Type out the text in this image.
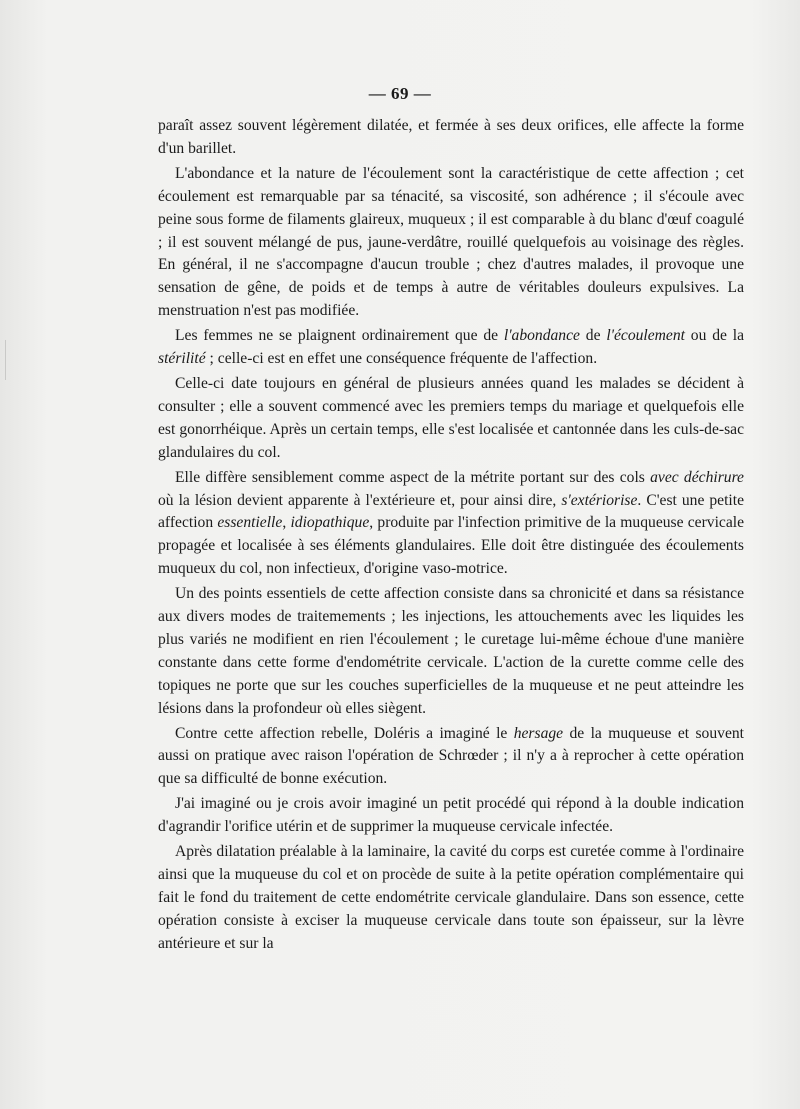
— 69 —

paraît assez souvent légèrement dilatée, et fermée à ses deux orifices, elle affecte la forme d'un barillet.

L'abondance et la nature de l'écoulement sont la caractéristique de cette affection ; cet écoulement est remarquable par sa ténacité, sa viscosité, son adhérence ; il s'écoule avec peine sous forme de filaments glaireux, muqueux ; il est comparable à du blanc d'œuf coagulé ; il est souvent mélangé de pus, jaune-verdâtre, rouillé quelquefois au voisinage des règles. En général, il ne s'accompagne d'aucun trouble ; chez d'autres malades, il provoque une sensation de gêne, de poids et de temps à autre de véritables douleurs expulsives. La menstruation n'est pas modifiée.

Les femmes ne se plaignent ordinairement que de l'abondance de l'écoulement ou de la stérilité ; celle-ci est en effet une conséquence fréquente de l'affection.

Celle-ci date toujours en général de plusieurs années quand les malades se décident à consulter ; elle a souvent commencé avec les premiers temps du mariage et quelquefois elle est gonorrhéique. Après un certain temps, elle s'est localisée et cantonnée dans les culs-de-sac glandulaires du col.

Elle diffère sensiblement comme aspect de la métrite portant sur des cols avec déchirure où la lésion devient apparente à l'extérieure et, pour ainsi dire, s'extériorise. C'est une petite affection essentielle, idiopathique, produite par l'infection primitive de la muqueuse cervicale propagée et localisée à ses éléments glandulaires. Elle doit être distinguée des écoulements muqueux du col, non infectieux, d'origine vaso-motrice.

Un des points essentiels de cette affection consiste dans sa chronicité et dans sa résistance aux divers modes de traitemements ; les injections, les attouchements avec les liquides les plus variés ne modifient en rien l'écoulement ; le curetage lui-même échoue d'une manière constante dans cette forme d'endométrite cervicale. L'action de la curette comme celle des topiques ne porte que sur les couches superficielles de la muqueuse et ne peut atteindre les lésions dans la profondeur où elles siègent.

Contre cette affection rebelle, Doléris a imaginé le hersage de la muqueuse et souvent aussi on pratique avec raison l'opération de Schrœder ; il n'y a à reprocher à cette opération que sa difficulté de bonne exécution.

J'ai imaginé ou je crois avoir imaginé un petit procédé qui répond à la double indication d'agrandir l'orifice utérin et de supprimer la muqueuse cervicale infectée.

Après dilatation préalable à la laminaire, la cavité du corps est curetée comme à l'ordinaire ainsi que la muqueuse du col et on procède de suite à la petite opération complémentaire qui fait le fond du traitement de cette endométrite cervicale glandulaire. Dans son essence, cette opération consiste à exciser la muqueuse cervicale dans toute son épaisseur, sur la lèvre antérieure et sur la
